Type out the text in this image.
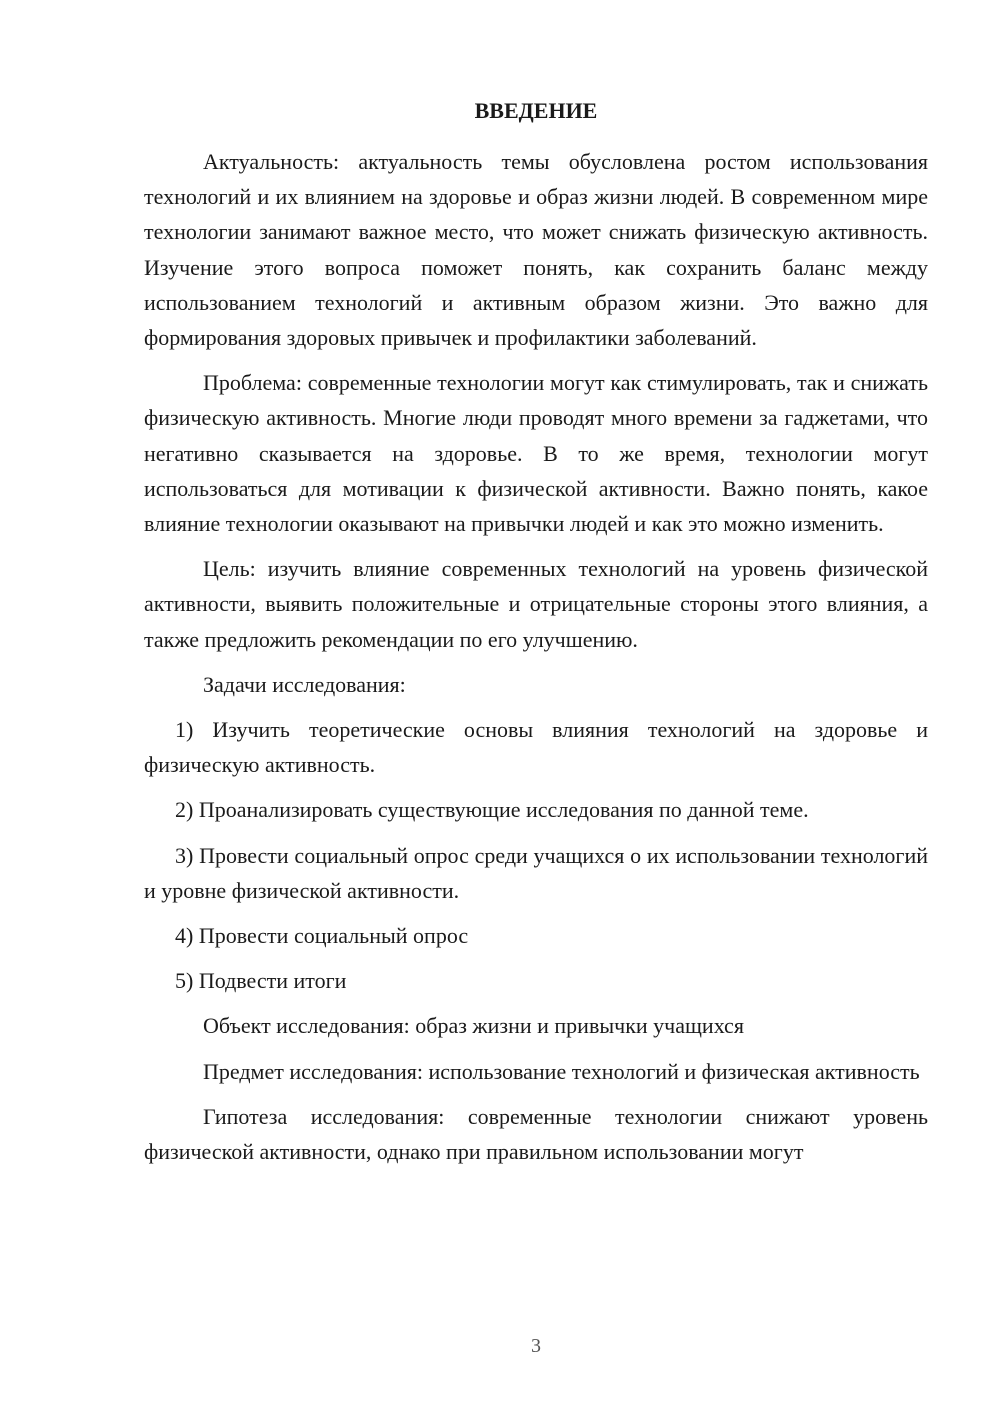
ВВЕДЕНИЕ

Актуальность: актуальность темы обусловлена ростом использования технологий и их влиянием на здоровье и образ жизни людей. В современном мире технологии занимают важное место, что может снижать физическую активность. Изучение этого вопроса поможет понять, как сохранить баланс между использованием технологий и активным образом жизни. Это важно для формирования здоровых привычек и профилактики заболеваний.

Проблема: современные технологии могут как стимулировать, так и снижать физическую активность. Многие люди проводят много времени за гаджетами, что негативно сказывается на здоровье. В то же время, технологии могут использоваться для мотивации к физической активности. Важно понять, какое влияние технологии оказывают на привычки людей и как это можно изменить.

Цель: изучить влияние современных технологий на уровень физической активности, выявить положительные и отрицательные стороны этого влияния, а также предложить рекомендации по его улучшению.

Задачи исследования:

1) Изучить теоретические основы влияния технологий на здоровье и физическую активность.

2) Проанализировать существующие исследования по данной теме.

3) Провести социальный опрос среди учащихся о их использовании технологий и уровне физической активности.

4) Провести социальный опрос

5) Подвести итоги

Объект исследования: образ жизни и привычки учащихся

Предмет исследования: использование технологий и физическая активность

Гипотеза исследования: современные технологии снижают уровень физической активности, однако при правильном использовании могут

3
